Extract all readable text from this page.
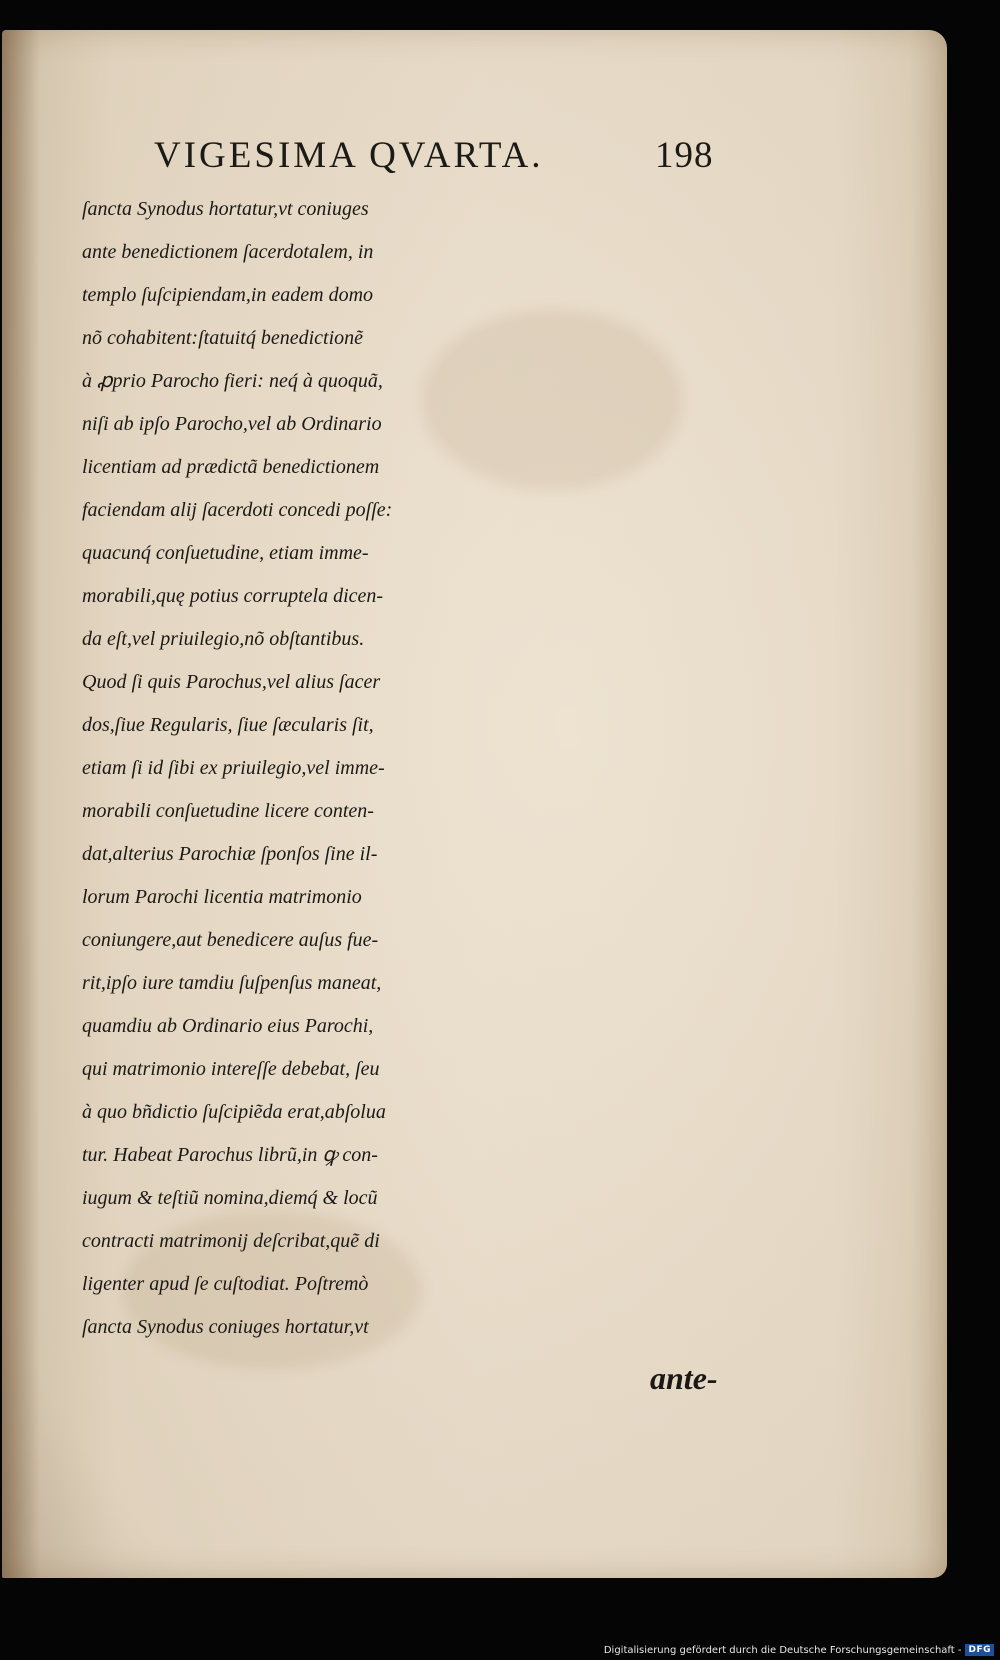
VIGESIMA QVARTA.	198
ſancta Synodus hortatur,vt coniuges
ante benedictionem ſacerdotalem, in
templo ſuſcipiendam,in eadem domo
nõ cohabitent:ſtatuitq́ benedictionẽ
à ꝓprio Parocho fieri: neq́ à quoquã,
niſi ab ipſo Parocho,vel ab Ordinario
licentiam ad prædictã benedictionem
faciendam alij ſacerdoti concedi poſſe:
quacunq́ conſuetudine, etiam imme-
morabili,quę potius corruptela dicen-
da eſt,vel priuilegio,nõ obſtantibus.
Quod ſi quis Parochus,vel alius ſacer
dos,ſiue Regularis, ſiue ſæcularis ſit,
etiam ſi id ſibi ex priuilegio,vel imme-
morabili conſuetudine licere conten-
dat,alterius Parochiæ ſponſos ſine il-
lorum Parochi licentia matrimonio
coniungere,aut benedicere auſus fue-
rit,ipſo iure tamdiu ſuſpenſus maneat,
quamdiu ab Ordinario eius Parochi,
qui matrimonio intereſſe debebat, ſeu
à quo bñdictio ſuſcipiẽda erat,abſolua
tur. Habeat Parochus librũ,in ꝙ con-
iugum & teſtiũ nomina,diemq́ & locũ
contracti matrimonij deſcribat,quẽ di
ligenter apud ſe cuſtodiat. Poſtremò
ſancta Synodus coniuges hortatur,vt
ante-
Digitalisierung gefördert durch die Deutsche Forschungsgemeinschaft - DFG
